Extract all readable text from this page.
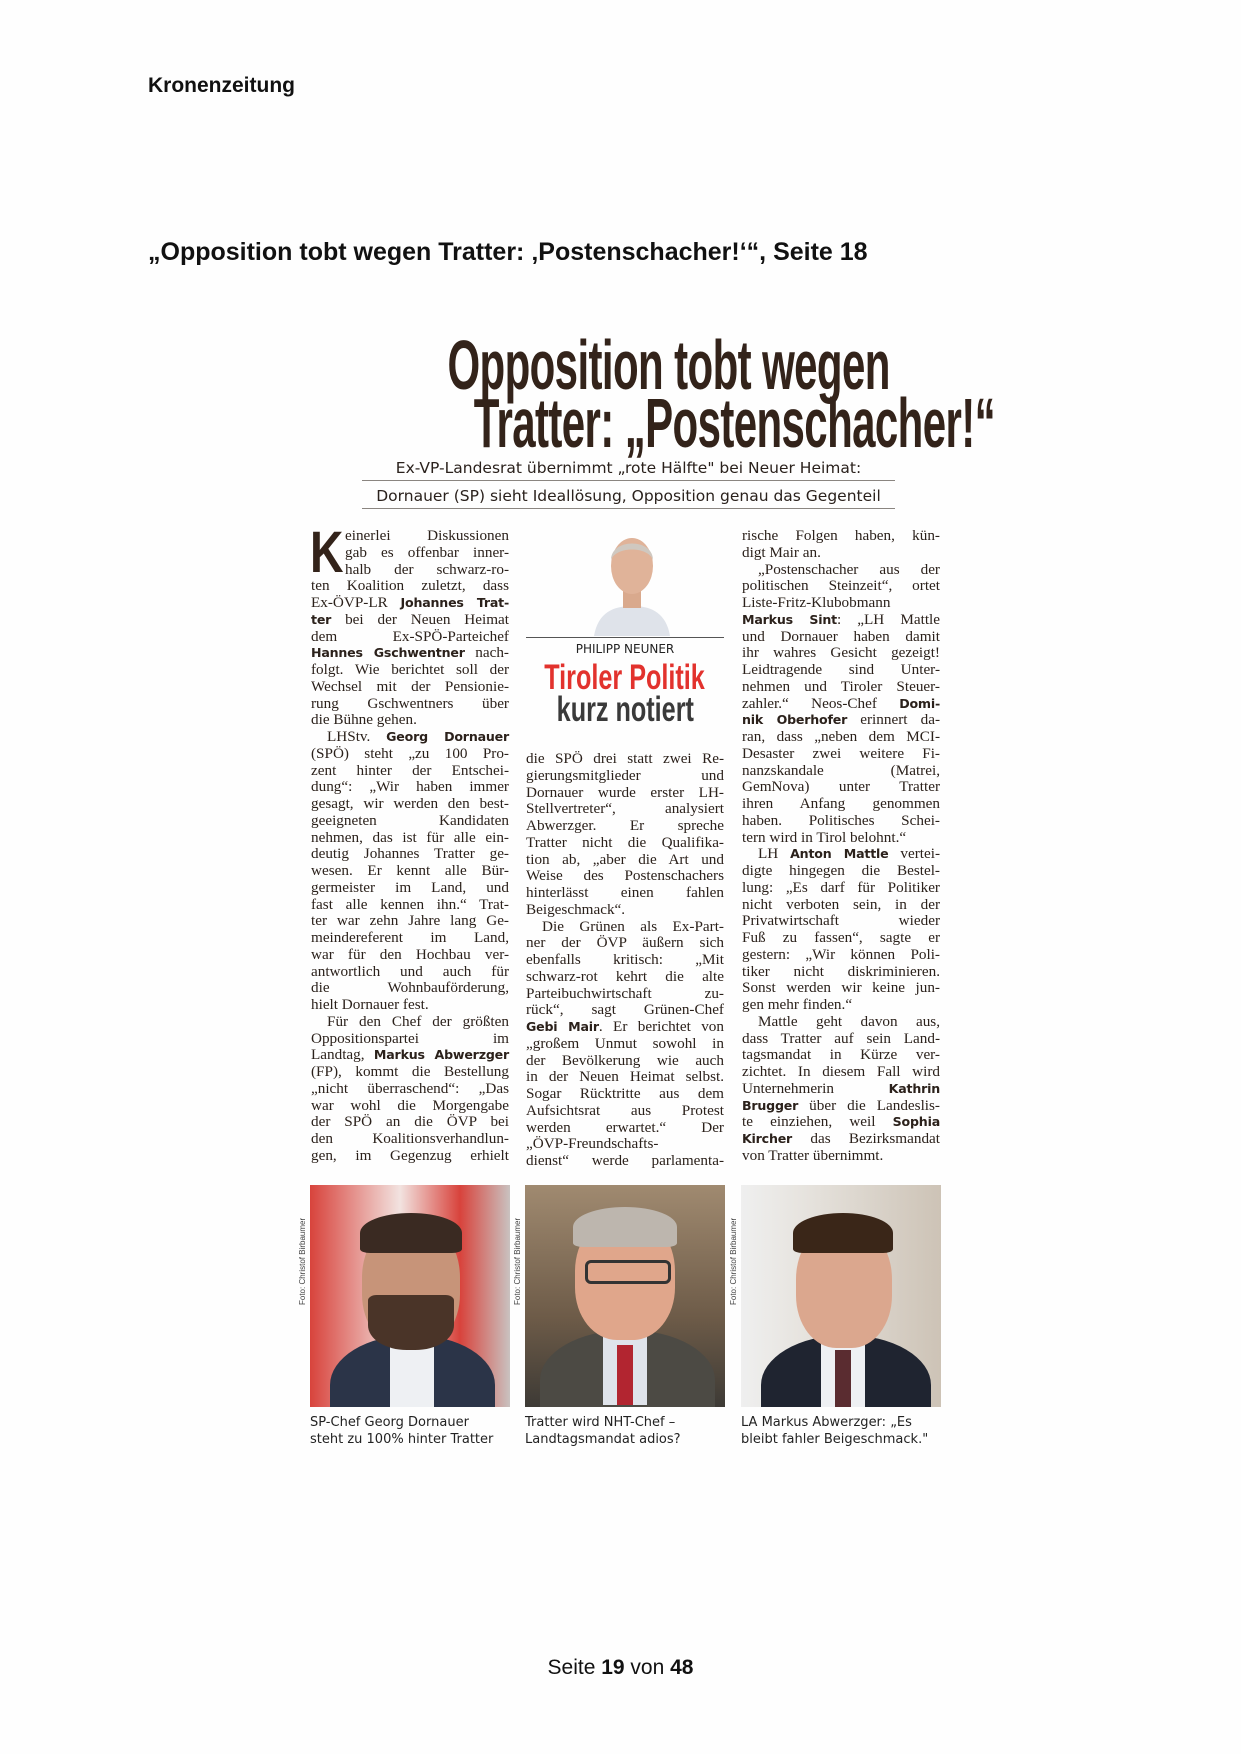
Kronenzeitung
„Opposition tobt wegen Tratter: ‚Postenschacher!‘“, Seite 18
Opposition tobt wegen
Tratter: „Postenschacher!“
Ex-VP-Landesrat übernimmt „rote Hälfte" bei Neuer Heimat:
Dornauer (SP) sieht Ideallösung, Opposition genau das Gegenteil
K einerlei Diskussionen
gab es offenbar inner-
halb der schwarz-ro-
ten Koalition zuletzt, dass
Ex-ÖVP-LR Johannes Trat-
ter bei der Neuen Heimat
dem Ex-SPÖ-Parteichef
Hannes Gschwentner nach-
folgt. Wie berichtet soll der
Wechsel mit der Pensionie-
rung Gschwentners über
die Bühne gehen.
LHStv. Georg Dornauer
(SPÖ) steht „zu 100 Pro-
zent hinter der Entschei-
dung“: „Wir haben immer
gesagt, wir werden den best-
geeigneten Kandidaten
nehmen, das ist für alle ein-
deutig Johannes Tratter ge-
wesen. Er kennt alle Bür-
germeister im Land, und
fast alle kennen ihn.“ Trat-
ter war zehn Jahre lang Ge-
meindereferent im Land,
war für den Hochbau ver-
antwortlich und auch für
die Wohnbauförderung,
hielt Dornauer fest.
Für den Chef der größten
Oppositionspartei im
Landtag, Markus Abwerzger
(FP), kommt die Bestellung
„nicht überraschend“: „Das
war wohl die Morgengabe
der SPÖ an die ÖVP bei
den Koalitionsverhandlun-
gen, im Gegenzug erhielt
PHILIPP NEUNER
Tiroler Politik
kurz notiert
die SPÖ drei statt zwei Re-
gierungsmitglieder und
Dornauer wurde erster LH-
Stellvertreter“, analysiert
Abwerzger. Er spreche
Tratter nicht die Qualifika-
tion ab, „aber die Art und
Weise des Postenschachers
hinterlässt einen fahlen
Beigeschmack“.
Die Grünen als Ex-Part-
ner der ÖVP äußern sich
ebenfalls kritisch: „Mit
schwarz-rot kehrt die alte
Parteibuchwirtschaft zu-
rück“, sagt Grünen-Chef
Gebi Mair. Er berichtet von
„großem Unmut sowohl in
der Bevölkerung wie auch
in der Neuen Heimat selbst.
Sogar Rücktritte aus dem
Aufsichtsrat aus Protest
werden erwartet.“ Der
„ÖVP-Freundschafts-
dienst“ werde parlamenta-
rische Folgen haben, kün-
digt Mair an.
„Postenschacher aus der
politischen Steinzeit“, ortet
Liste-Fritz-Klubobmann
Markus Sint: „LH Mattle
und Dornauer haben damit
ihr wahres Gesicht gezeigt!
Leidtragende sind Unter-
nehmen und Tiroler Steuer-
zahler.“ Neos-Chef Domi-
nik Oberhofer erinnert da-
ran, dass „neben dem MCI-
Desaster zwei weitere Fi-
nanzskandale (Matrei,
GemNova) unter Tratter
ihren Anfang genommen
haben. Politisches Schei-
tern wird in Tirol belohnt.“
LH Anton Mattle vertei-
digte hingegen die Bestel-
lung: „Es darf für Politiker
nicht verboten sein, in der
Privatwirtschaft wieder
Fuß zu fassen“, sagte er
gestern: „Wir können Poli-
tiker nicht diskriminieren.
Sonst werden wir keine jun-
gen mehr finden.“
Mattle geht davon aus,
dass Tratter auf sein Land-
tagsmandat in Kürze ver-
zichtet. In diesem Fall wird
Unternehmerin Kathrin
Brugger über die Landeslis-
te einziehen, weil Sophia
Kircher das Bezirksmandat
von Tratter übernimmt.
Foto: Christof Birbaumer	Foto: Christof Birbaumer	Foto: Christof Birbaumer
SP-Chef Georg Dornauer
steht zu 100% hinter Tratter
Tratter wird NHT-Chef –
Landtagsmandat adios?
LA Markus Abwerzger: „Es
bleibt fahler Beigeschmack."
Seite 19 von 48
